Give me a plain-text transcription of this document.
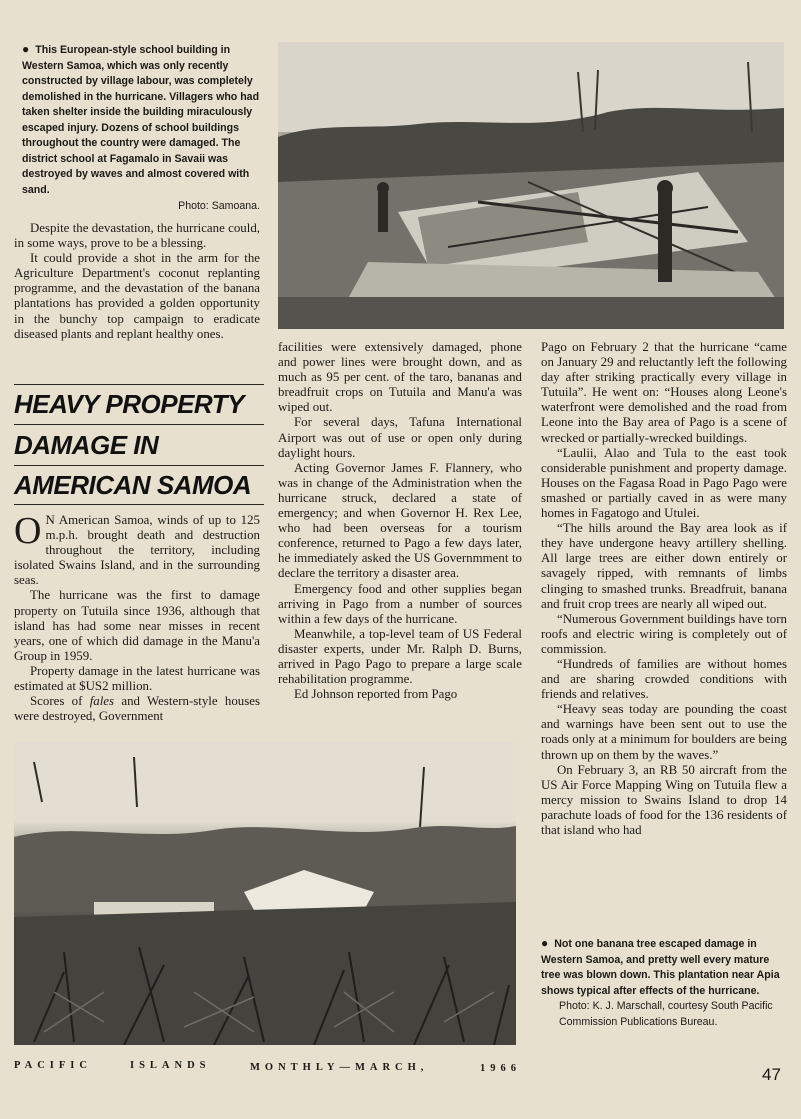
● This European-style school building in Western Samoa, which was only recently constructed by village labour, was completely demolished in the hurricane. Villagers who had taken shelter inside the building miraculously escaped injury. Dozens of school buildings throughout the country were damaged. The district school at Fagamalo in Savaii was destroyed by waves and almost covered with sand.
Photo: Samoana.

Despite the devastation, the hurricane could, in some ways, prove to be a blessing.

It could provide a shot in the arm for the Agriculture Department's coconut replanting programme, and the devastation of the banana plantations has provided a golden opportunity in the bunchy top campaign to eradicate diseased plants and replant healthy ones.

HEAVY PROPERTY
DAMAGE IN
AMERICAN SAMOA

O N American Samoa, winds of up to 125 m.p.h. brought death and destruction throughout the territory, including isolated Swains Island, and in the surrounding seas.

The hurricane was the first to damage property on Tutuila since 1936, although that island has had some near misses in recent years, one of which did damage in the Manu'a Group in 1959.

Property damage in the latest hurricane was estimated at $US2 million.

Scores of fales and Western-style houses were destroyed, Government

facilities were extensively damaged, phone and power lines were brought down, and as much as 95 per cent. of the taro, bananas and breadfruit crops on Tutuila and Manu'a was wiped out.

For several days, Tafuna International Airport was out of use or open only during daylight hours.

Acting Governor James F. Flannery, who was in change of the Administration when the hurricane struck, declared a state of emergency; and when Governor H. Rex Lee, who had been overseas for a tourism conference, returned to Pago a few days later, he immediately asked the US Governmment to declare the territory a disaster area.

Emergency food and other supplies began arriving in Pago from a number of sources within a few days of the hurricane.

Meanwhile, a top-level team of US Federal disaster experts, under Mr. Ralph D. Burns, arrived in Pago Pago to prepare a large scale rehabilitation programme.

Ed Johnson reported from Pago

Pago on February 2 that the hurricane “came on January 29 and reluctantly left the following day after striking practically every village in Tutuila”. He went on: “Houses along Leone's waterfront were demolished and the road from Leone into the Bay area of Pago is a scene of wrecked or partially-wrecked buildings.

“Laulii, Alao and Tula to the east took considerable punishment and property damage. Houses on the Fagasa Road in Pago Pago were smashed or partially caved in as were many homes in Fagatogo and Utulei.

“The hills around the Bay area look as if they have undergone heavy artillery shelling. All large trees are either down entirely or savagely ripped, with remnants of limbs clinging to smashed trunks. Breadfruit, banana and fruit crop trees are nearly all wiped out.

“Numerous Government buildings have torn roofs and electric wiring is completely out of commission.

“Hundreds of families are without homes and are sharing crowded conditions with friends and relatives.

“Heavy seas today are pounding the coast and warnings have been sent out to use the roads only at a minimum for boulders are being thrown up on them by the waves.”

On February 3, an RB 50 aircraft from the US Air Force Mapping Wing on Tutuila flew a mercy mission to Swains Island to drop 14 parachute loads of food for the 136 residents of that island who had

● Not one banana tree escaped damage in Western Samoa, and pretty well every mature tree was blown down. This plantation near Apia shows typical after effects of the hurricane.
Photo: K. J. Marschall, courtesy South Pacific Commission Publications Bureau.
PACIFIC	ISLANDS	MONTHLY—MARCH,	1966	47
